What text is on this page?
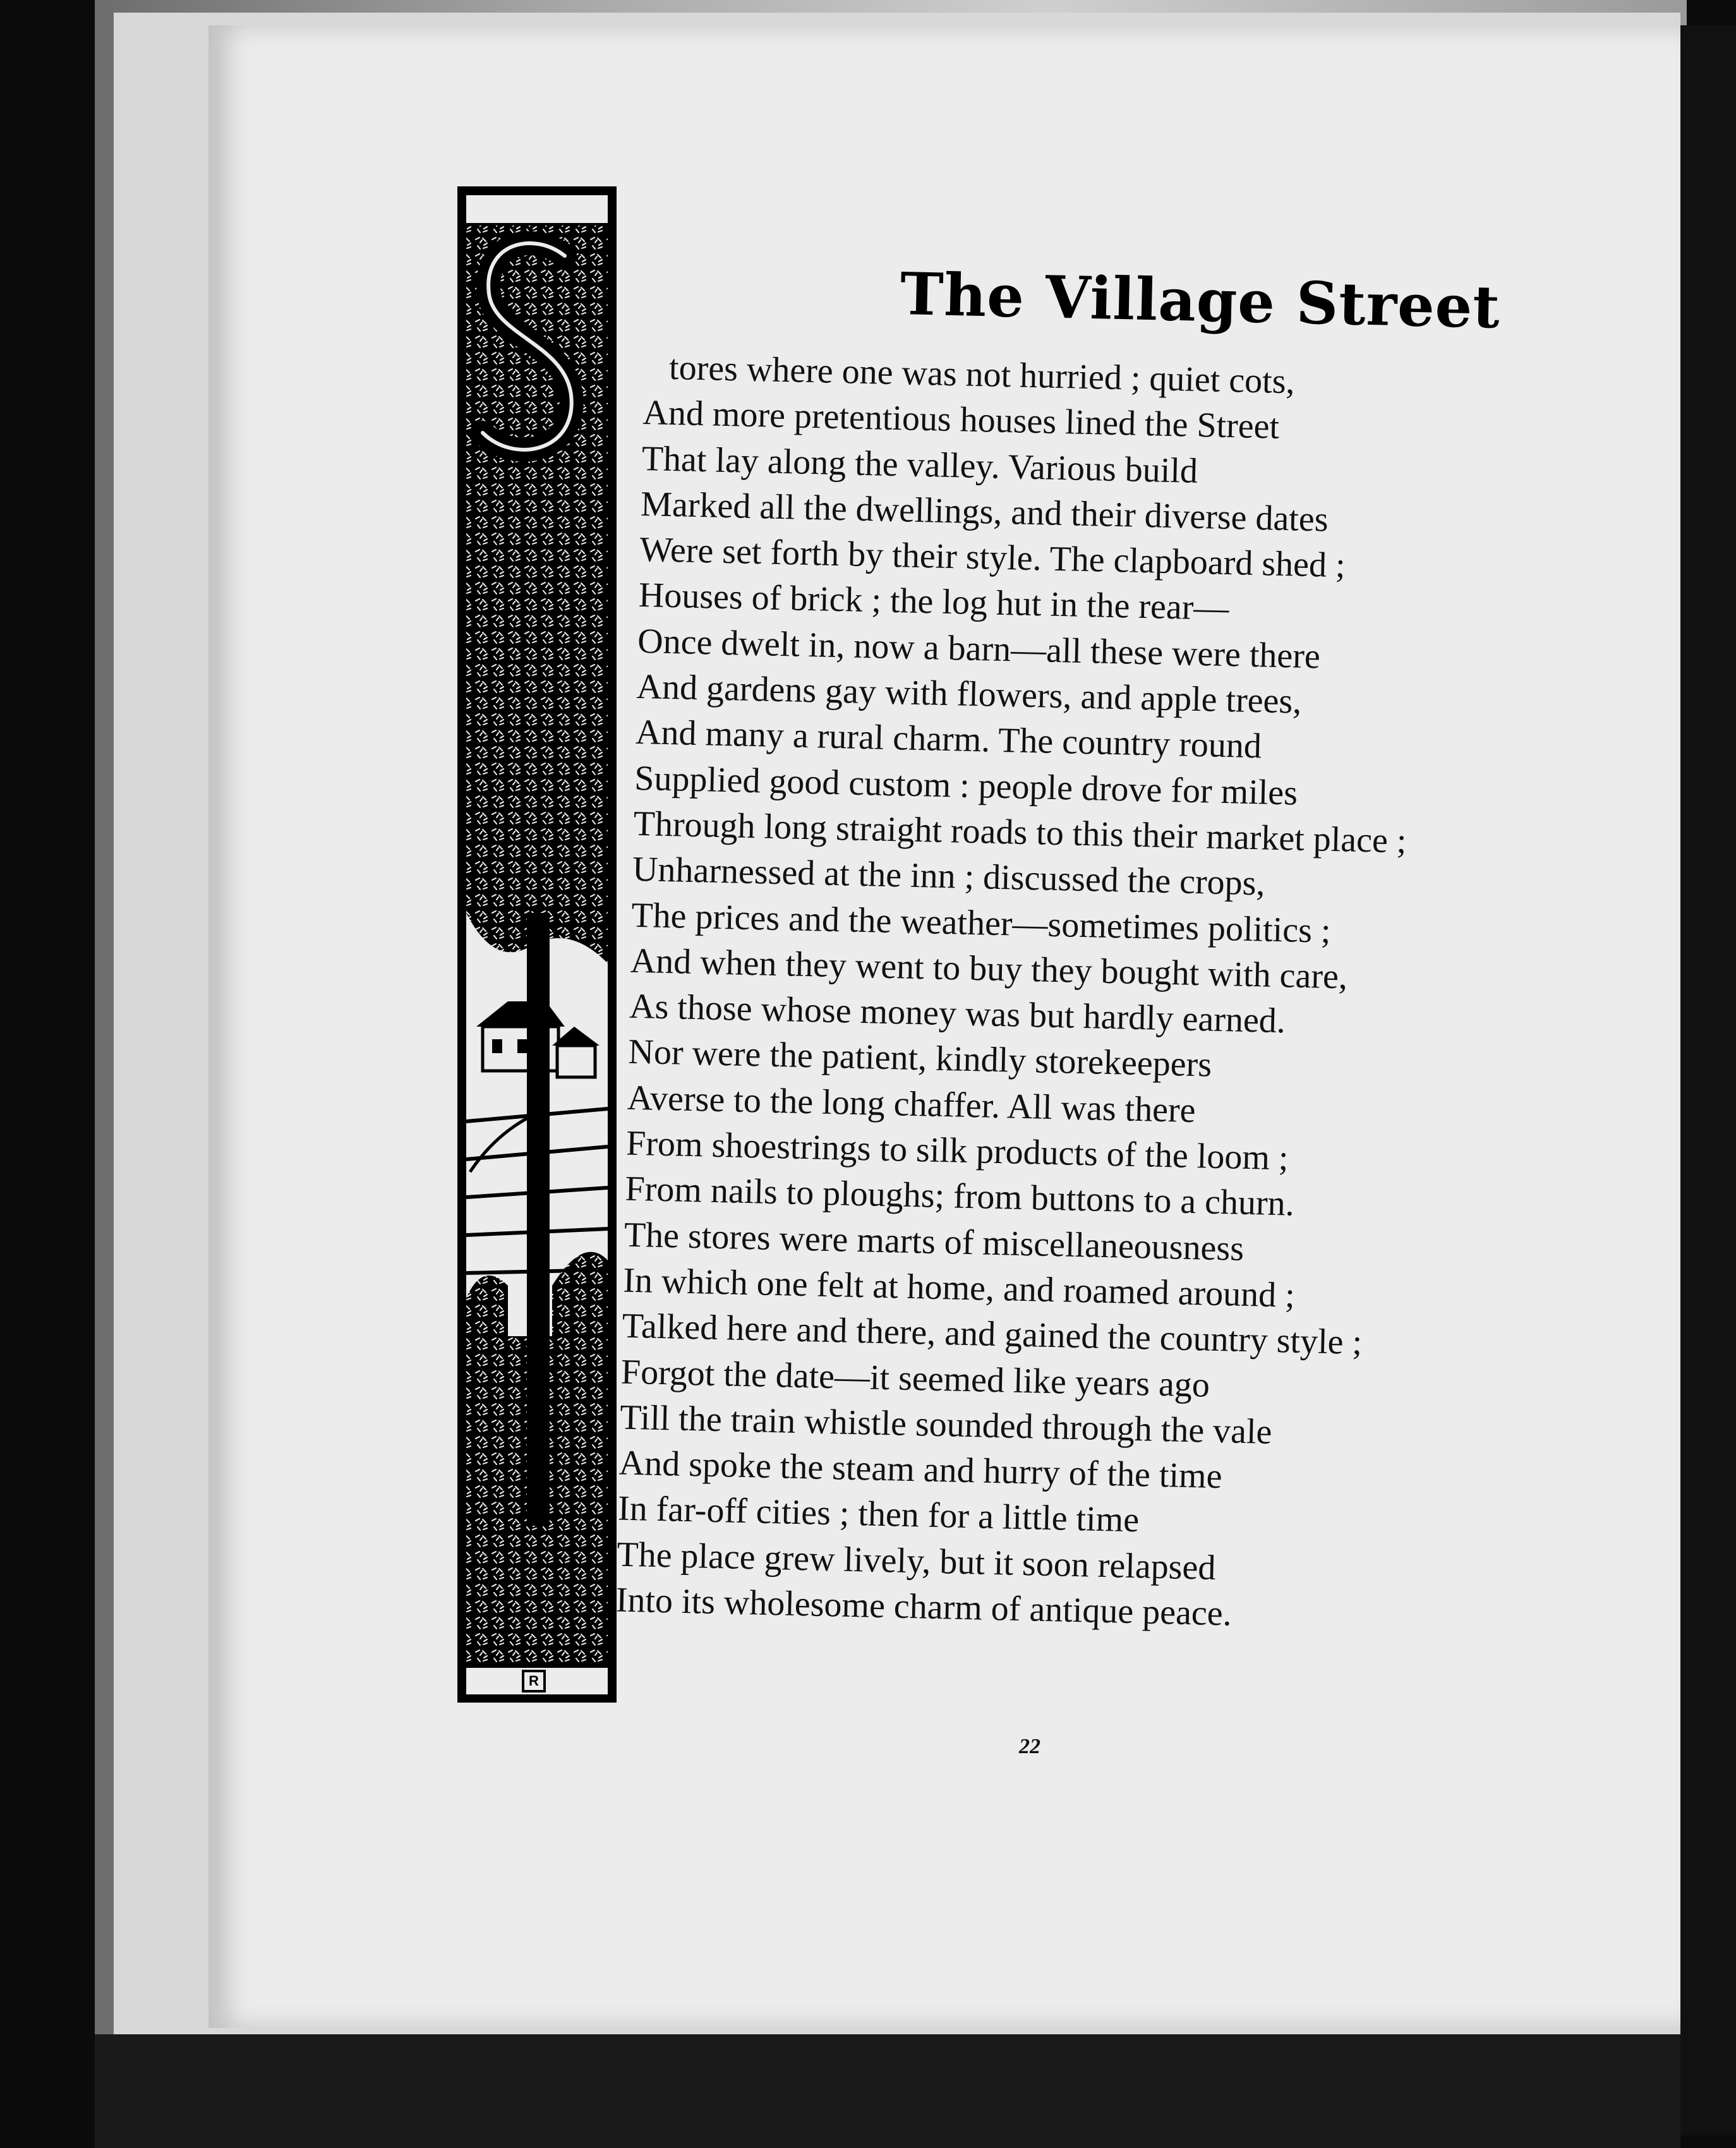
R
The Village Street
tores where one was not hurried ; quiet cots,
And more pretentious houses lined the Street
That lay along the valley. Various build
Marked all the dwellings, and their diverse dates
Were set forth by their style. The clapboard shed ;
Houses of brick ; the log hut in the rear—
Once dwelt in, now a barn—all these were there
And gardens gay with flowers, and apple trees,
And many a rural charm. The country round
Supplied good custom : people drove for miles
Through long straight roads to this their market place ;
Unharnessed at the inn ; discussed the crops,
The prices and the weather—sometimes politics ;
And when they went to buy they bought with care,
As those whose money was but hardly earned.
Nor were the patient, kindly storekeepers
Averse to the long chaffer. All was there
From shoestrings to silk products of the loom ;
From nails to ploughs; from buttons to a churn.
The stores were marts of miscellaneousness
In which one felt at home, and roamed around ;
Talked here and there, and gained the country style ;
Forgot the date—it seemed like years ago
Till the train whistle sounded through the vale
And spoke the steam and hurry of the time
In far-off cities ; then for a little time
The place grew lively, but it soon relapsed
Into its wholesome charm of antique peace.
22
